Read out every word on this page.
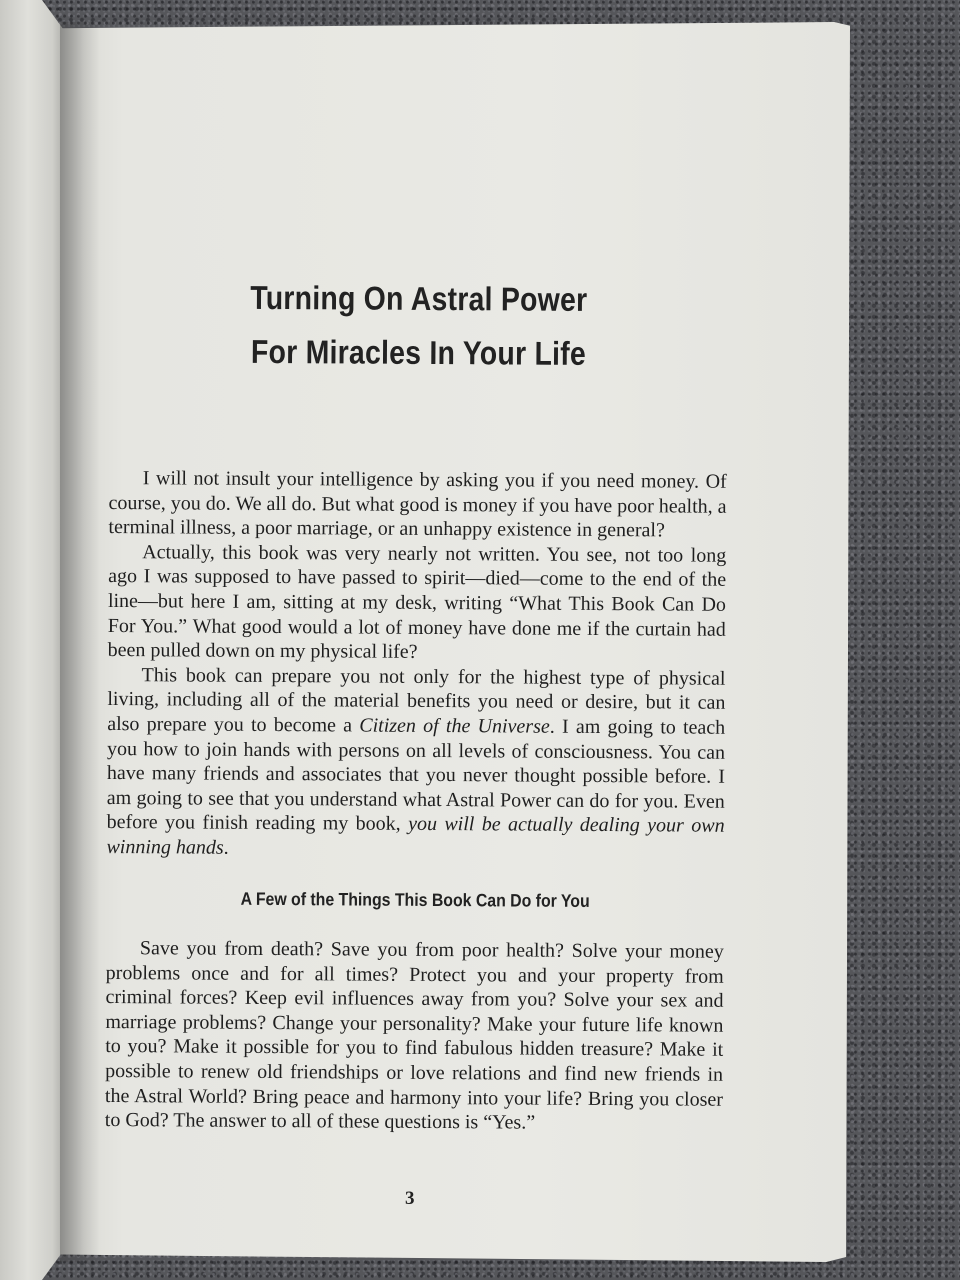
Turning On Astral Power
For Miracles In Your Life

I will not insult your intelligence by asking you if you need money. Of course, you do. We all do. But what good is money if you have poor health, a terminal illness, a poor marriage, or an unhappy existence in general?

Actually, this book was very nearly not written. You see, not too long ago I was supposed to have passed to spirit—died—come to the end of the line—but here I am, sitting at my desk, writing “What This Book Can Do For You.” What good would a lot of money have done me if the curtain had been pulled down on my physical life?

This book can prepare you not only for the highest type of physical living, including all of the material benefits you need or desire, but it can also prepare you to become a Citizen of the Universe. I am going to teach you how to join hands with persons on all levels of consciousness. You can have many friends and associates that you never thought possible before. I am going to see that you understand what Astral Power can do for you. Even before you finish reading my book, you will be actually dealing your own winning hands.

A Few of the Things This Book Can Do for You

Save you from death? Save you from poor health? Solve your money problems once and for all times? Protect you and your property from criminal forces? Keep evil influences away from you? Solve your sex and marriage problems? Change your personality? Make your future life known to you? Make it possible for you to find fabulous hidden treasure? Make it possible to renew old friendships or love relations and find new friends in the Astral World? Bring peace and harmony into your life? Bring you closer to God? The answer to all of these questions is “Yes.”

3
